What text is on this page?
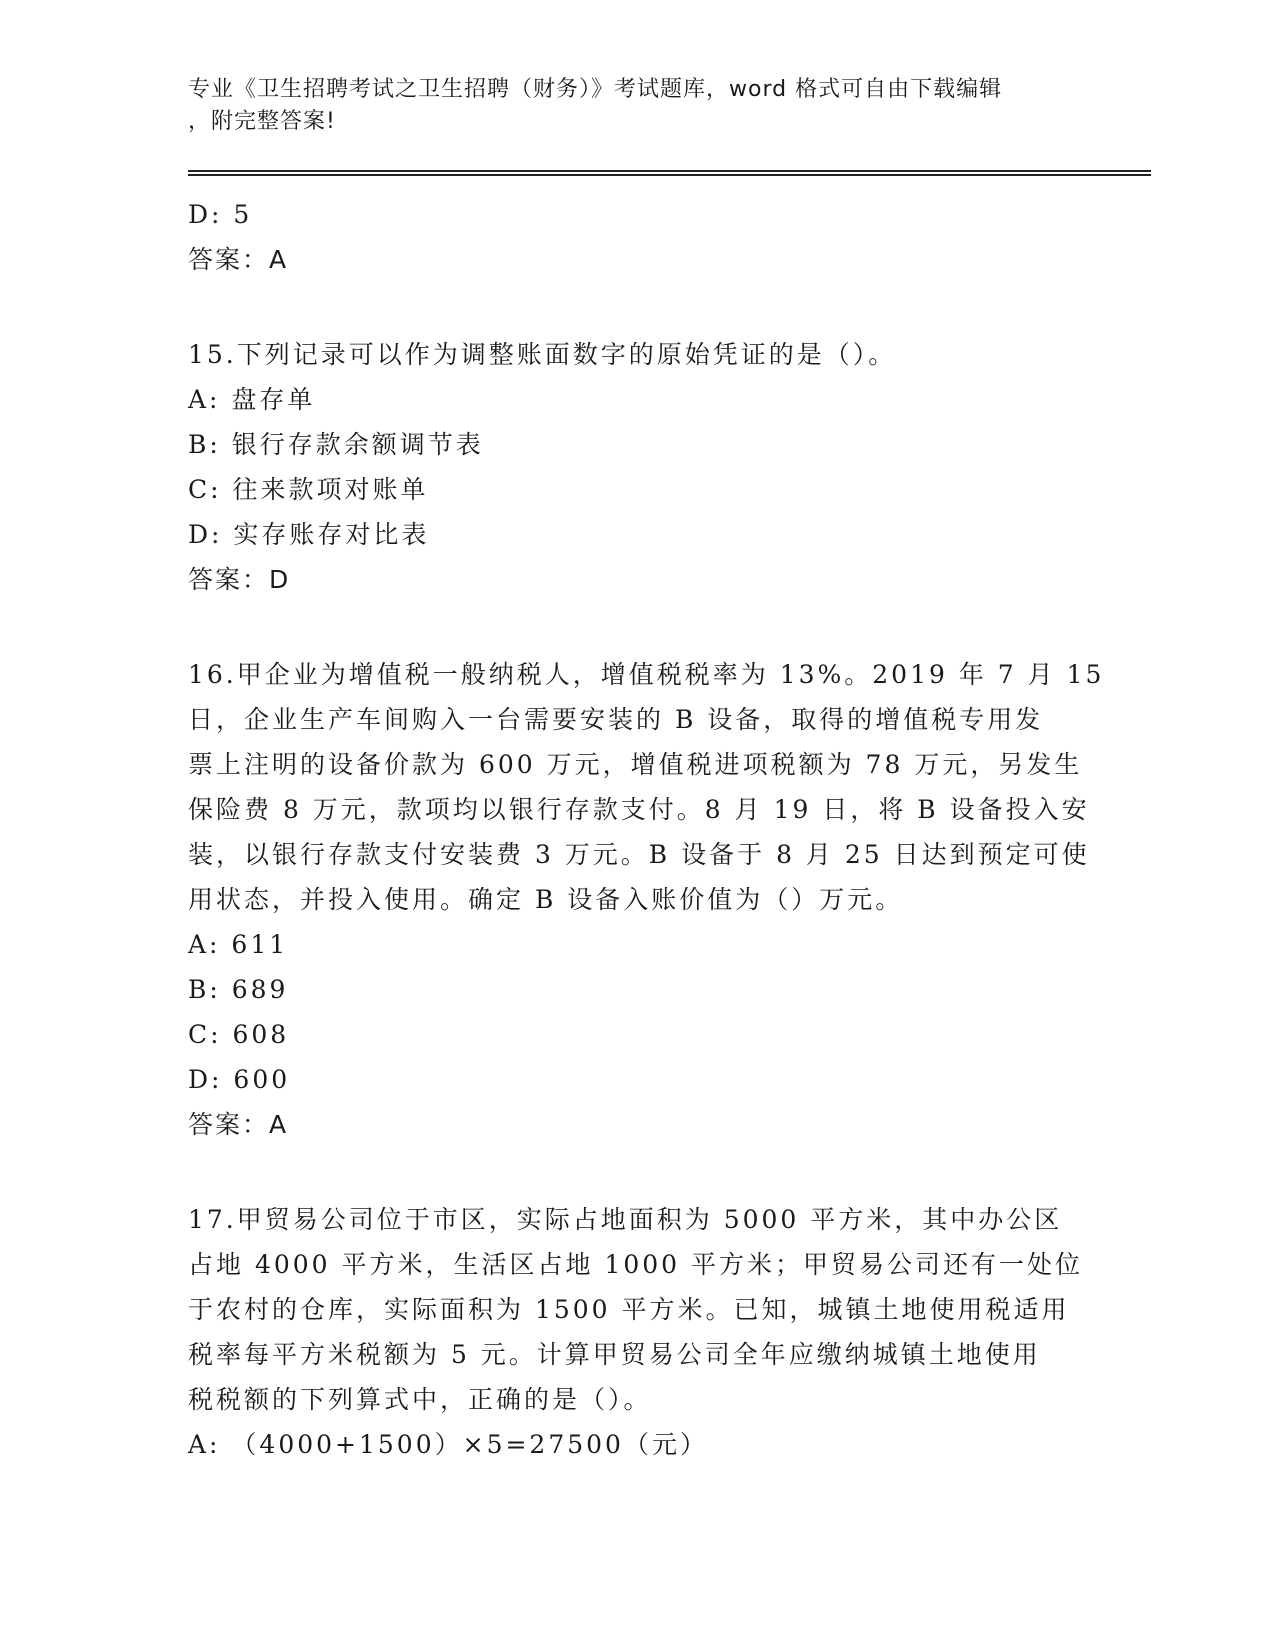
专业《卫生招聘考试之卫生招聘（财务）》考试题库，word 格式可自由下载编辑
，附完整答案!
D: 5
答案：A
15.下列记录可以作为调整账面数字的原始凭证的是（）。
A: 盘存单
B: 银行存款余额调节表
C: 往来款项对账单
D: 实存账存对比表
答案：D
16.甲企业为增值税一般纳税人，增值税税率为 13%。2019 年 7 月 15
日，企业生产车间购入一台需要安装的 B 设备，取得的增值税专用发
票上注明的设备价款为 600 万元，增值税进项税额为 78 万元，另发生
保险费 8 万元，款项均以银行存款支付。8 月 19 日，将 B 设备投入安
装，以银行存款支付安装费 3 万元。B 设备于 8 月 25 日达到预定可使
用状态，并投入使用。确定 B 设备入账价值为（）万元。
A: 611
B: 689
C: 608
D: 600
答案：A
17.甲贸易公司位于市区，实际占地面积为 5000 平方米，其中办公区
占地 4000 平方米，生活区占地 1000 平方米；甲贸易公司还有一处位
于农村的仓库，实际面积为 1500 平方米。已知，城镇土地使用税适用
税率每平方米税额为 5 元。计算甲贸易公司全年应缴纳城镇土地使用
税税额的下列算式中，正确的是（）。
A: （4000+1500）×5=27500（元）
